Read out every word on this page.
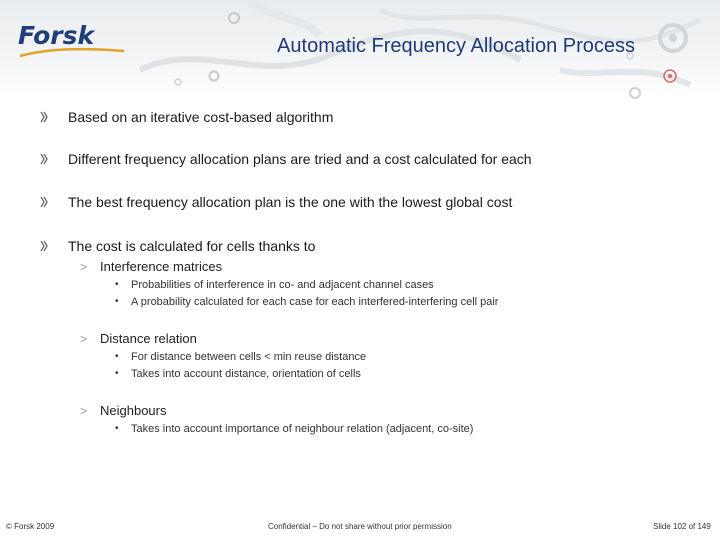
Forsk	Automatic Frequency Allocation Process
Based on an iterative cost-based algorithm
Different frequency allocation plans are tried and a cost calculated for each
The best frequency allocation plan is the one with the lowest global cost
The cost is calculated for cells thanks to
> Interference matrices
• Probabilities of interference in co- and adjacent channel cases
• A probability calculated for each case for each interfered-interfering cell pair
> Distance relation
• For distance between cells < min reuse distance
• Takes into account distance, orientation of cells
> Neighbours
• Takes into account importance of neighbour relation (adjacent, co-site)
© Forsk 2009	Confidential – Do not share without prior permission	Slide 102 of 149
